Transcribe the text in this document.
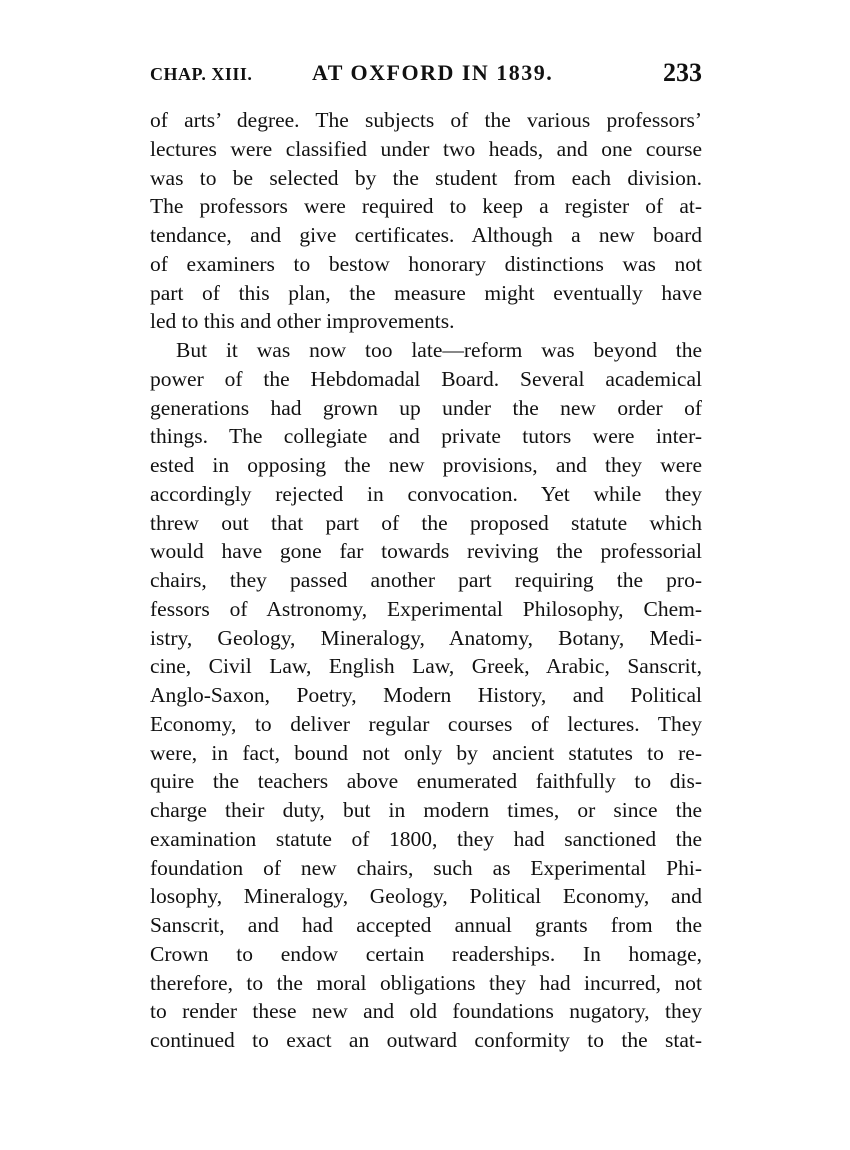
CHAP. XIII.	AT OXFORD IN 1839.	233
of arts’ degree. The subjects of the various professors’
lectures were classified under two heads, and one course
was to be selected by the student from each division.
The professors were required to keep a register of at-
tendance, and give certificates. Although a new board
of examiners to bestow honorary distinctions was not
part of this plan, the measure might eventually have
led to this and other improvements.
But it was now too late—reform was beyond the
power of the Hebdomadal Board. Several academical
generations had grown up under the new order of
things. The collegiate and private tutors were inter-
ested in opposing the new provisions, and they were
accordingly rejected in convocation. Yet while they
threw out that part of the proposed statute which
would have gone far towards reviving the professorial
chairs, they passed another part requiring the pro-
fessors of Astronomy, Experimental Philosophy, Chem-
istry, Geology, Mineralogy, Anatomy, Botany, Medi-
cine, Civil Law, English Law, Greek, Arabic, Sanscrit,
Anglo-Saxon, Poetry, Modern History, and Political
Economy, to deliver regular courses of lectures. They
were, in fact, bound not only by ancient statutes to re-
quire the teachers above enumerated faithfully to dis-
charge their duty, but in modern times, or since the
examination statute of 1800, they had sanctioned the
foundation of new chairs, such as Experimental Phi-
losophy, Mineralogy, Geology, Political Economy, and
Sanscrit, and had accepted annual grants from the
Crown to endow certain readerships. In homage,
therefore, to the moral obligations they had incurred, not
to render these new and old foundations nugatory, they
continued to exact an outward conformity to the stat-
